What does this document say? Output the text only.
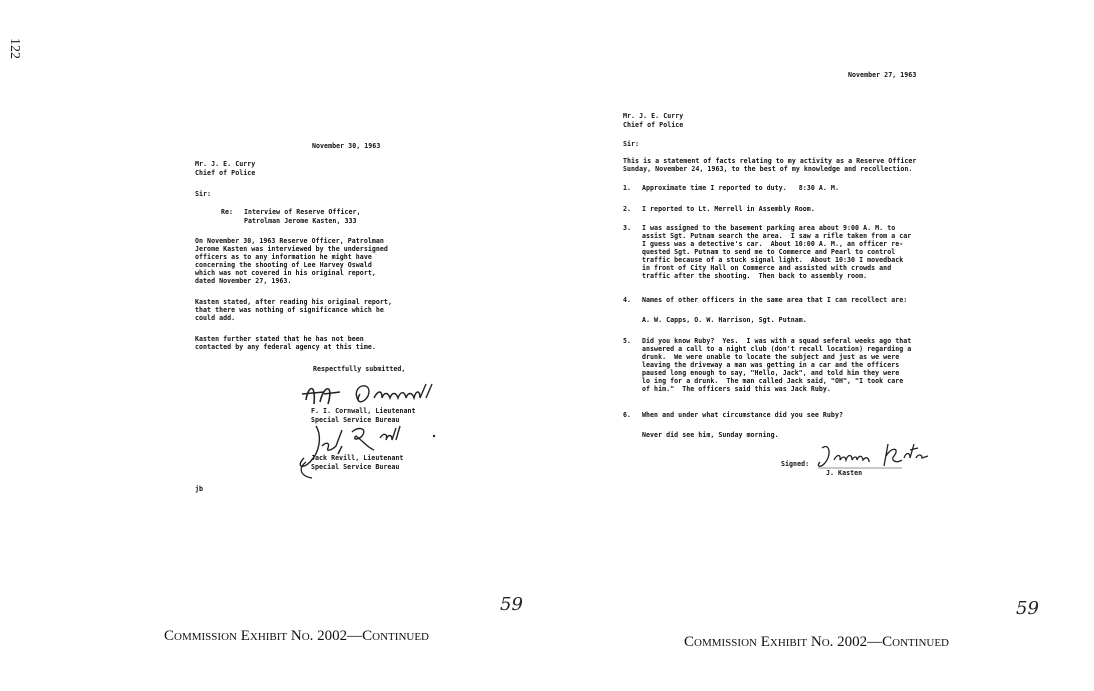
122
November 30, 1963
Mr. J. E. Curry
Chief of Police
Sir:
Re: Interview of Reserve Officer,
Patrolman Jerome Kasten, 333
On November 30, 1963 Reserve Officer, Patrolman
Jerome Kasten was interviewed by the undersigned
officers as to any information he might have
concerning the shooting of Lee Harvey Oswald
which was not covered in his original report,
dated November 27, 1963.
Kasten stated, after reading his original report,
that there was nothing of significance which he
could add.
Kasten further stated that he has not been
contacted by any federal agency at this time.
Respectfully submitted,
F. I. Cornwall, Lieutenant
Special Service Bureau
Jack Revill, Lieutenant
Special Service Bureau
jb
59
Commission Exhibit No. 2002—Continued
November 27, 1963
Mr. J. E. Curry
Chief of Police
Sir:
This is a statement of facts relating to my activity as a Reserve Officer
Sunday, November 24, 1963, to the best of my knowledge and recollection.
1. Approximate time I reported to duty.   8:30 A. M.
2. I reported to Lt. Merrell in Assembly Room.
3. I was assigned to the basement parking area about 9:00 A. M. to
assist Sgt. Putnam search the area.  I saw a rifle taken from a car
I guess was a detective's car.  About 10:00 A. M., an officer re-
quested Sgt. Putnam to send me to Commerce and Pearl to control
traffic because of a stuck signal light.  About 10:30 I movedback
in front of City Hall on Commerce and assisted with crowds and
traffic after the shooting.  Then back to assembly room.
4. Names of other officers in the same area that I can recollect are:
A. W. Capps, O. W. Harrison, Sgt. Putnam.
5. Did you know Ruby?  Yes.  I was with a squad seferal weeks ago that
answered a call to a night club (don't recall location) regarding a
drunk.  We were unable to locate the subject and just as we were
leaving the driveway a man was getting in a car and the officers
paused long enough to say, "Hello, Jack", and told him they were
lo ing for a drunk.  The man called Jack said, "OH", "I took care
of him."  The officers said this was Jack Ruby.
6. When and under what circumstance did you see Ruby?
Never did see him, Sunday morning.
Signed:
J. Kasten
59
Commission Exhibit No. 2002—Continued
